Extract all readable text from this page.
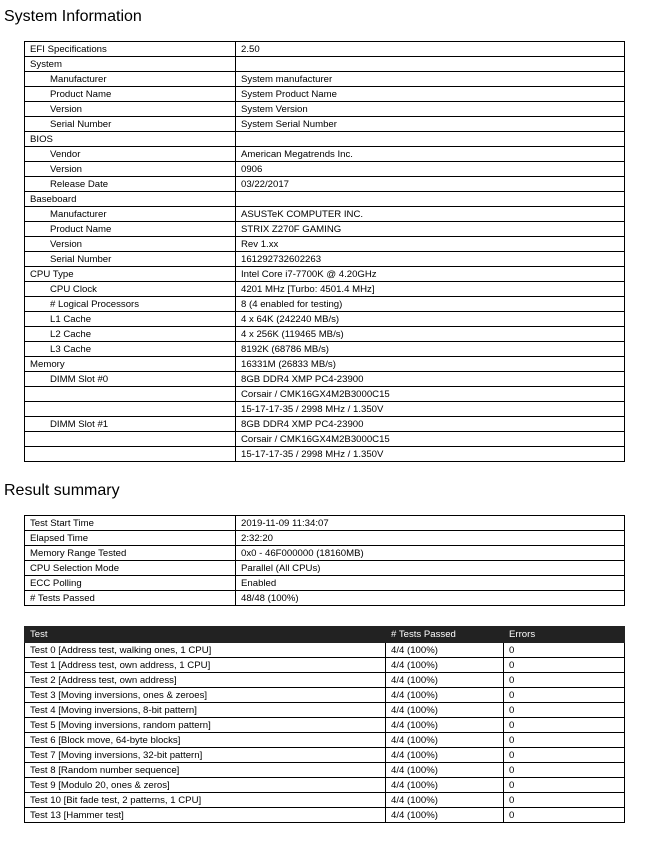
System Information
EFI Specifications	2.50
System	
Manufacturer	System manufacturer
Product Name	System Product Name
Version	System Version
Serial Number	System Serial Number
BIOS	
Vendor	American Megatrends Inc.
Version	0906
Release Date	03/22/2017
Baseboard	
Manufacturer	ASUSTeK COMPUTER INC.
Product Name	STRIX Z270F GAMING
Version	Rev 1.xx
Serial Number	161292732602263
CPU Type	Intel Core i7-7700K @ 4.20GHz
CPU Clock	4201 MHz [Turbo: 4501.4 MHz]
# Logical Processors	8 (4 enabled for testing)
L1 Cache	4 x 64K (242240 MB/s)
L2 Cache	4 x 256K (119465 MB/s)
L3 Cache	8192K (68786 MB/s)
Memory	16331M (26833 MB/s)
DIMM Slot #0	8GB DDR4 XMP PC4-23900
	Corsair / CMK16GX4M2B3000C15
	15-17-17-35 / 2998 MHz / 1.350V
DIMM Slot #1	8GB DDR4 XMP PC4-23900
	Corsair / CMK16GX4M2B3000C15
	15-17-17-35 / 2998 MHz / 1.350V
Result summary
Test Start Time	2019-11-09 11:34:07
Elapsed Time	2:32:20
Memory Range Tested	0x0 - 46F000000 (18160MB)
CPU Selection Mode	Parallel (All CPUs)
ECC Polling	Enabled
# Tests Passed	48/48 (100%)
Test	# Tests Passed	Errors
Test 0 [Address test, walking ones, 1 CPU]	4/4 (100%)	0
Test 1 [Address test, own address, 1 CPU]	4/4 (100%)	0
Test 2 [Address test, own address]	4/4 (100%)	0
Test 3 [Moving inversions, ones & zeroes]	4/4 (100%)	0
Test 4 [Moving inversions, 8-bit pattern]	4/4 (100%)	0
Test 5 [Moving inversions, random pattern]	4/4 (100%)	0
Test 6 [Block move, 64-byte blocks]	4/4 (100%)	0
Test 7 [Moving inversions, 32-bit pattern]	4/4 (100%)	0
Test 8 [Random number sequence]	4/4 (100%)	0
Test 9 [Modulo 20, ones & zeros]	4/4 (100%)	0
Test 10 [Bit fade test, 2 patterns, 1 CPU]	4/4 (100%)	0
Test 13 [Hammer test]	4/4 (100%)	0
